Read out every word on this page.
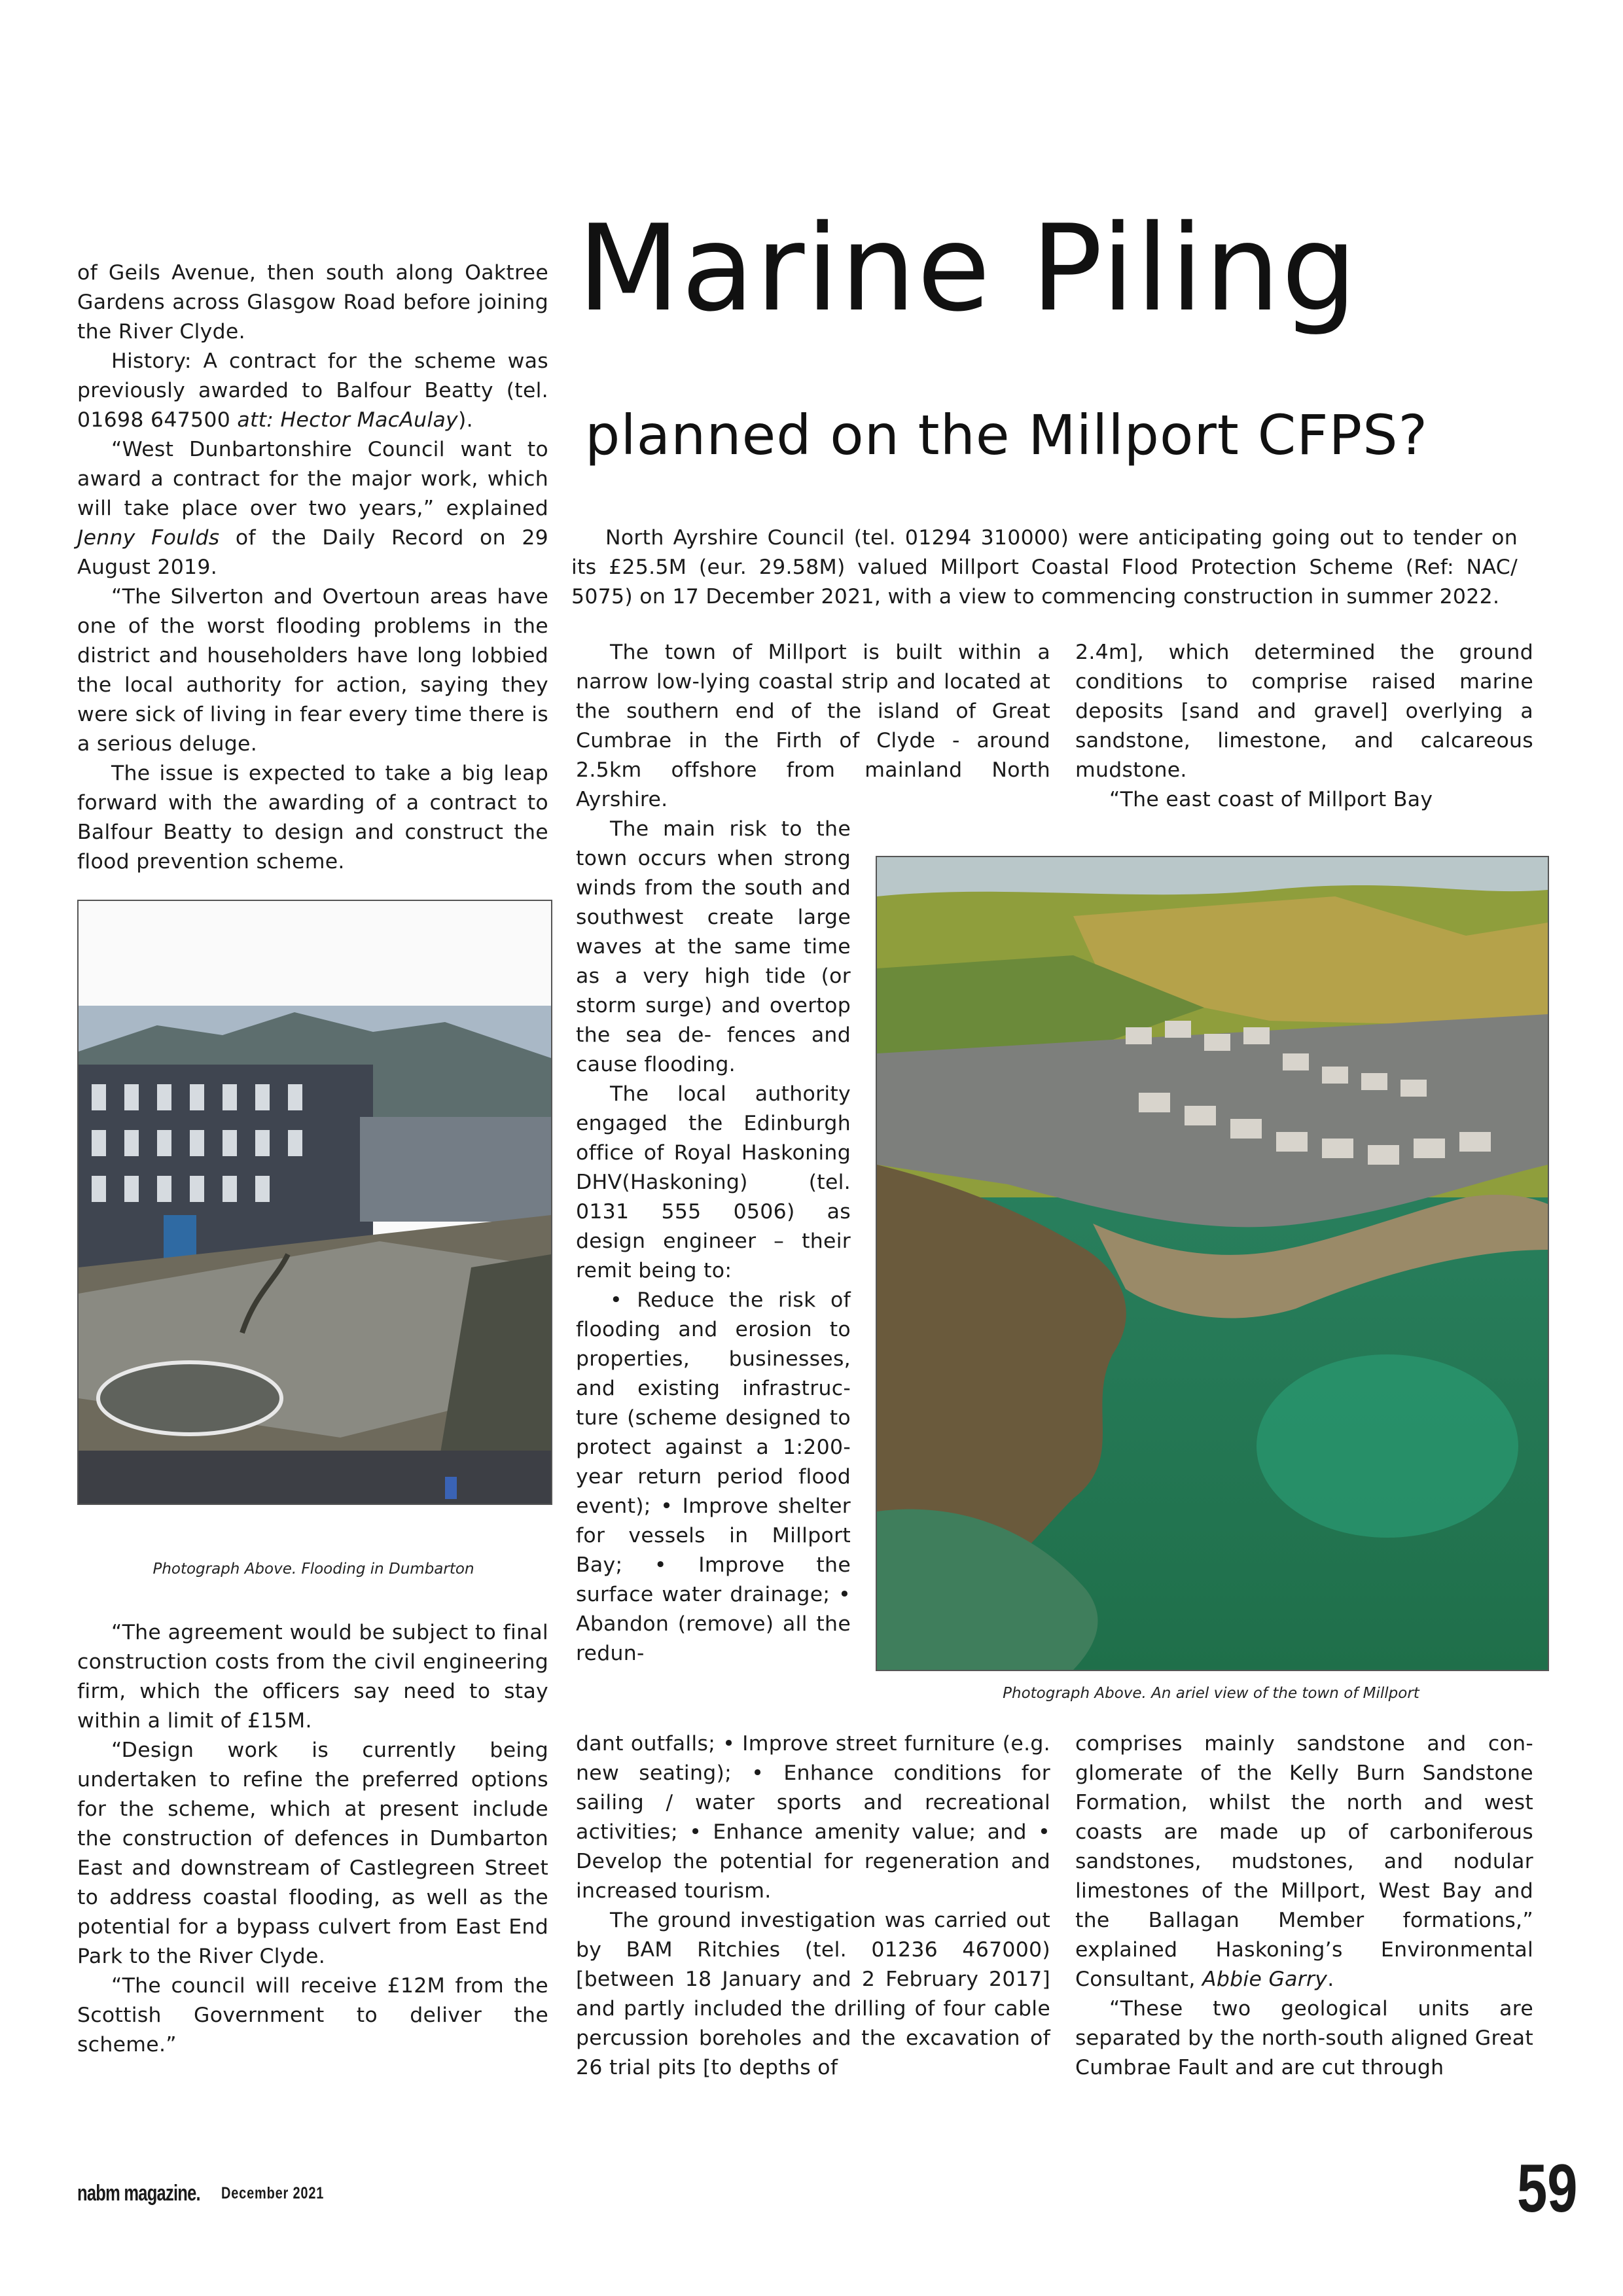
Marine Piling
planned on the Millport CFPS?

of Geils Avenue, then south along Oaktree Gardens across Glasgow Road before joining the River Clyde.

History: A contract for the scheme was previously awarded to Balfour Beatty (tel. 01698 647500 att: Hector MacAulay).

“West Dunbartonshire Council want to award a contract for the major work, which will take place over two years,” explained Jenny Foulds of the Daily Record on 29 August 2019.

“The Silverton and Overtoun areas have one of the worst flooding problems in the district and householders have long lobbied the local authority for action, saying they were sick of living in fear every time there is a serious deluge.

The issue is expected to take a big leap forward with the awarding of a contract to Balfour Beatty to design and construct the flood prevention scheme.

Photograph Above. Flooding in Dumbarton

“The agreement would be subject to final construction costs from the civil engineering firm, which the officers say need to stay within a limit of £15M.

“Design work is currently being undertaken to refine the preferred options for the scheme, which at present include the construction of defences in Dumbarton East and downstream of Castlegreen Street to address coastal flooding, as well as the potential for a bypass culvert from East End Park to the River Clyde.

“The council will receive £12M from the Scottish Government to deliver the scheme.”

North Ayrshire Council (tel. 01294 310000) were anticipating going out to tender on its £25.5M (eur. 29.58M) valued Millport Coastal Flood Protection Scheme (Ref: NAC/ 5075) on 17 December 2021, with a view to commencing construction in summer 2022.

The town of Millport is built within a narrow low-lying coastal strip and located at the southern end of the island of Great Cumbrae in the Firth of Clyde - around 2.5km offshore from mainland North Ayrshire.

The main risk to the town occurs when strong winds from the south and southwest create large waves at the same time as a very high tide (or storm surge) and overtop the sea de- fences and cause flooding.

The local authority engaged the Edinburgh office of Royal Haskoning DHV(Haskoning) (tel. 0131 555 0506) as design engineer – their remit being to:

• Reduce the risk of flooding and erosion to properties, businesses, and existing infrastruc- ture (scheme designed to protect against a 1:200-year return period flood event); • Improve shelter for vessels in Millport Bay; • Improve the surface water drainage; • Abandon (remove) all the redun-

dant outfalls; • Improve street furniture (e.g. new seating); • Enhance conditions for sailing / water sports and recreational activities; • Enhance amenity value; and • Develop the potential for regeneration and increased tourism.

The ground investigation was carried out by BAM Ritchies (tel. 01236 467000) [between 18 January and 2 February 2017] and partly included the drilling of four cable percussion boreholes and the excavation of 26 trial pits [to depths of

2.4m], which determined the ground conditions to comprise raised marine deposits [sand and gravel] overlying a sandstone, limestone, and calcareous mudstone.

“The east coast of Millport Bay

Photograph Above. An ariel view of the town of Millport

comprises mainly sandstone and con- glomerate of the Kelly Burn Sandstone Formation, whilst the north and west coasts are made up of carboniferous sandstones, mudstones, and nodular limestones of the Millport, West Bay and the Ballagan Member formations,” explained Haskoning’s Environmental Consultant, Abbie Garry.

“These two geological units are separated by the north-south aligned Great Cumbrae Fault and are cut through

nabm magazine. December 2021	59
